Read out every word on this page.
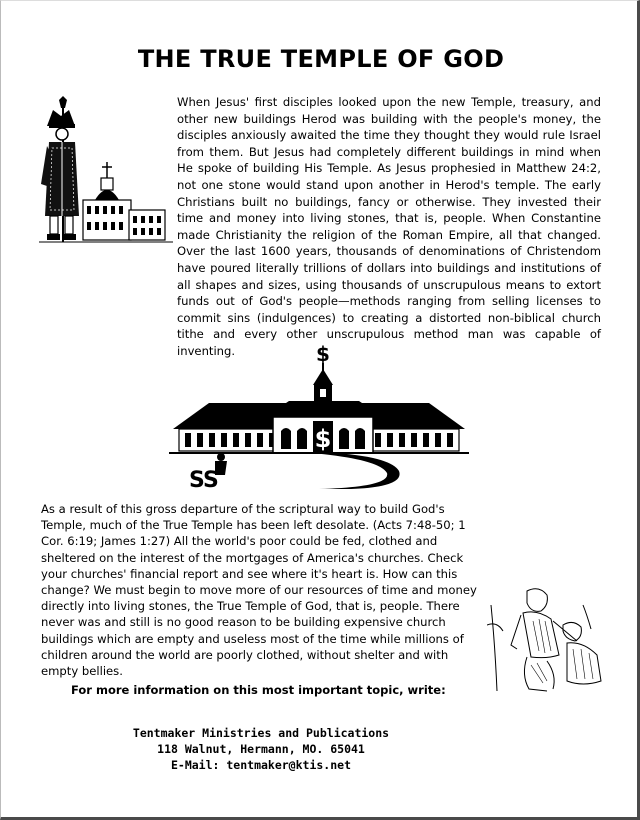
THE TRUE TEMPLE OF GOD

When Jesus' first disciples looked upon the new Temple, treasury, and other new buildings Herod was building with the people's money, the disciples anxiously awaited the time they thought they would rule Israel from them. But Jesus had completely different buildings in mind when He spoke of building His Temple. As Jesus prophesied in Matthew 24:2, not one stone would stand upon another in Herod's temple. The early Christians built no buildings, fancy or otherwise. They invested their time and money into living stones, that is, people. When Constantine made Christianity the religion of the Roman Empire, all that changed. Over the last 1600 years, thousands of denominations of Christendom have poured literally trillions of dollars into buildings and institutions of all shapes and sizes, using thousands of unscrupulous means to extort funds out of God's people—methods ranging from selling licenses to commit sins (indulgences) to creating a distorted non-biblical church tithe and every other unscrupulous method man was capable of inventing.	$
$
S
S

As a result of this gross departure of the scriptural way to build God's Temple, much of the True Temple has been left desolate. (Acts 7:48-50; 1 Cor. 6:19; James 1:27) All the world's poor could be fed, clothed and sheltered on the interest of the mortgages of America's churches. Check your churches' financial report and see where it's heart is. How can this change? We must begin to move more of our resources of time and money directly into living stones, the True Temple of God, that is, people. There never was and still is no good reason to be building expensive church buildings which are empty and useless most of the time while millions of children around the world are poorly clothed, without shelter and with empty bellies.

For more information on this most important topic, write:
Tentmaker Ministries and Publications
118 Walnut, Hermann, MO. 65041
E-Mail: tentmaker@ktis.net
